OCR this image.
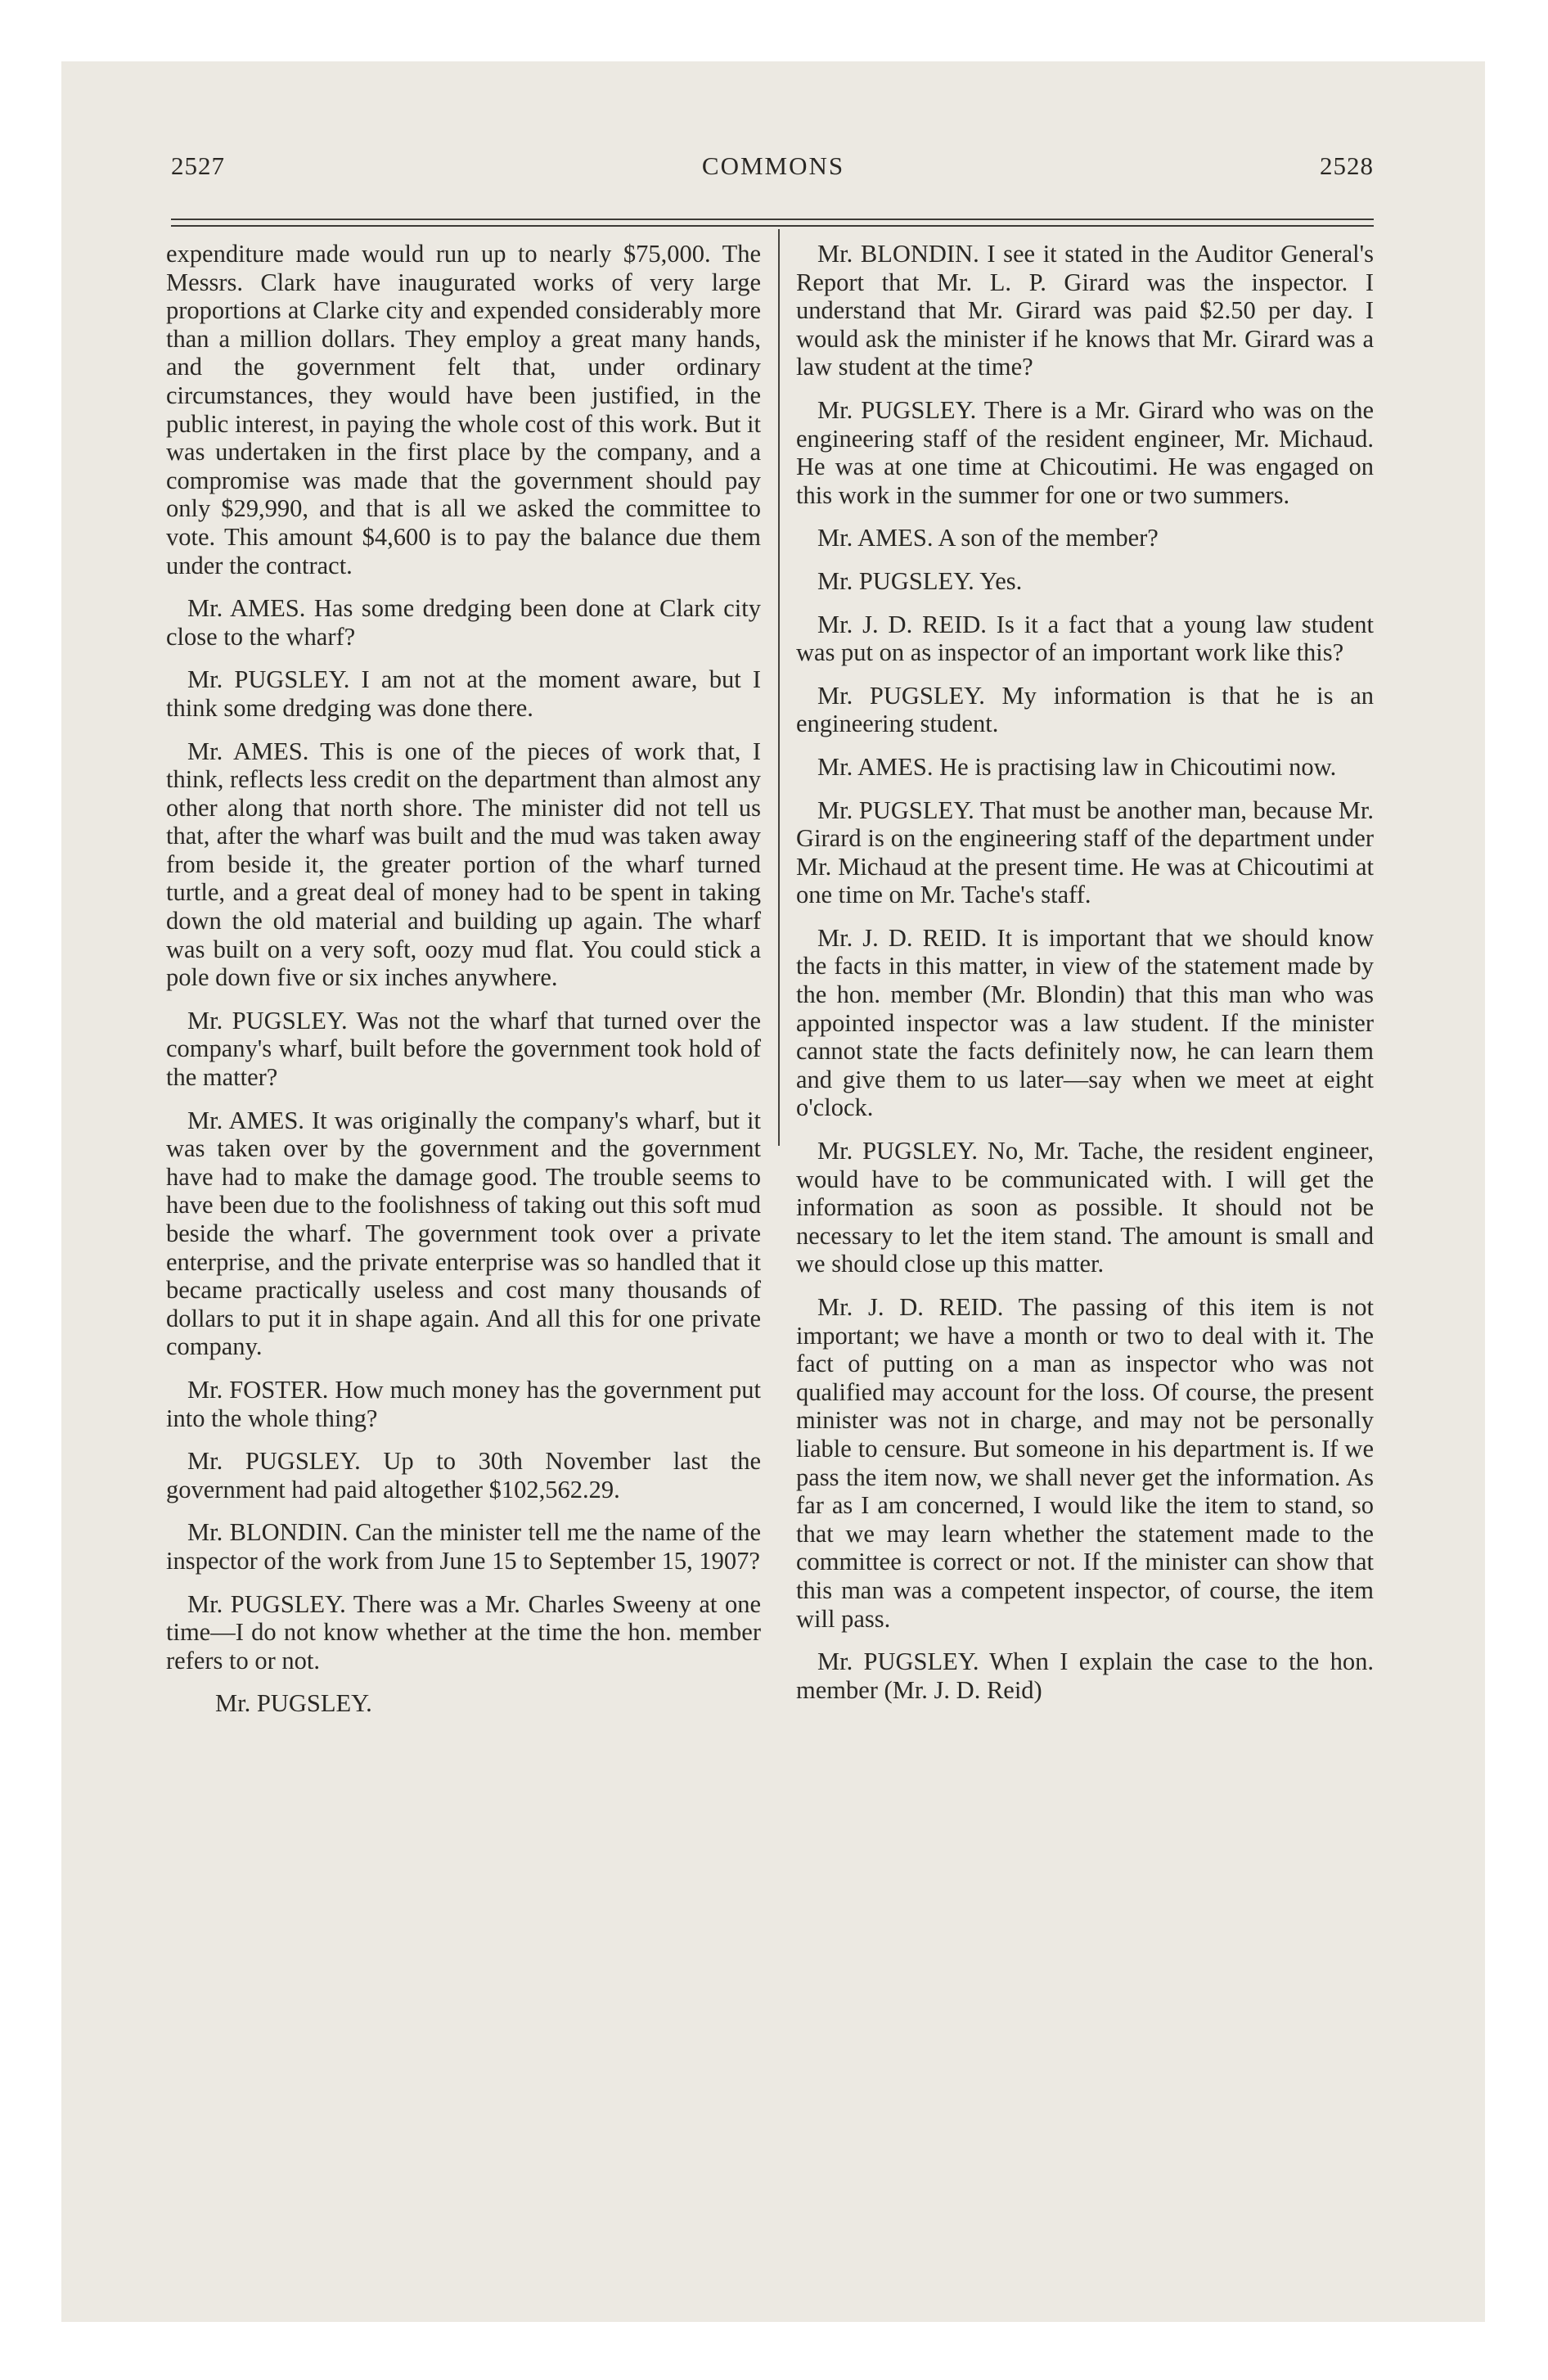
2527	COMMONS	2528

expenditure made would run up to nearly $75,000. The Messrs. Clark have inaugurated works of very large proportions at Clarke city and expended considerably more than a million dollars. They employ a great many hands, and the government felt that, under ordinary circumstances, they would have been justified, in the public interest, in paying the whole cost of this work. But it was undertaken in the first place by the company, and a compromise was made that the government should pay only $29,990, and that is all we asked the committee to vote. This amount $4,600 is to pay the balance due them under the contract.

Mr. AMES. Has some dredging been done at Clark city close to the wharf?

Mr. PUGSLEY. I am not at the moment aware, but I think some dredging was done there.

Mr. AMES. This is one of the pieces of work that, I think, reflects less credit on the department than almost any other along that north shore. The minister did not tell us that, after the wharf was built and the mud was taken away from beside it, the greater portion of the wharf turned turtle, and a great deal of money had to be spent in taking down the old material and building up again. The wharf was built on a very soft, oozy mud flat. You could stick a pole down five or six inches anywhere.

Mr. PUGSLEY. Was not the wharf that turned over the company's wharf, built before the government took hold of the matter?

Mr. AMES. It was originally the company's wharf, but it was taken over by the government and the government have had to make the damage good. The trouble seems to have been due to the foolishness of taking out this soft mud beside the wharf. The government took over a private enterprise, and the private enterprise was so handled that it became practically useless and cost many thousands of dollars to put it in shape again. And all this for one private company.

Mr. FOSTER. How much money has the government put into the whole thing?

Mr. PUGSLEY. Up to 30th November last the government had paid altogether $102,562.29.

Mr. BLONDIN. Can the minister tell me the name of the inspector of the work from June 15 to September 15, 1907?

Mr. PUGSLEY. There was a Mr. Charles Sweeny at one time—I do not know whether at the time the hon. member refers to or not.

Mr. PUGSLEY.

Mr. BLONDIN. I see it stated in the Auditor General's Report that Mr. L. P. Girard was the inspector. I understand that Mr. Girard was paid $2.50 per day. I would ask the minister if he knows that Mr. Girard was a law student at the time?

Mr. PUGSLEY. There is a Mr. Girard who was on the engineering staff of the resident engineer, Mr. Michaud. He was at one time at Chicoutimi. He was engaged on this work in the summer for one or two summers.

Mr. AMES. A son of the member?

Mr. PUGSLEY. Yes.

Mr. J. D. REID. Is it a fact that a young law student was put on as inspector of an important work like this?

Mr. PUGSLEY. My information is that he is an engineering student.

Mr. AMES. He is practising law in Chicoutimi now.

Mr. PUGSLEY. That must be another man, because Mr. Girard is on the engineering staff of the department under Mr. Michaud at the present time. He was at Chicoutimi at one time on Mr. Tache's staff.

Mr. J. D. REID. It is important that we should know the facts in this matter, in view of the statement made by the hon. member (Mr. Blondin) that this man who was appointed inspector was a law student. If the minister cannot state the facts definitely now, he can learn them and give them to us later—say when we meet at eight o'clock.

Mr. PUGSLEY. No, Mr. Tache, the resident engineer, would have to be communicated with. I will get the information as soon as possible. It should not be necessary to let the item stand. The amount is small and we should close up this matter.

Mr. J. D. REID. The passing of this item is not important; we have a month or two to deal with it. The fact of putting on a man as inspector who was not qualified may account for the loss. Of course, the present minister was not in charge, and may not be personally liable to censure. But someone in his department is. If we pass the item now, we shall never get the information. As far as I am concerned, I would like the item to stand, so that we may learn whether the statement made to the committee is correct or not. If the minister can show that this man was a competent inspector, of course, the item will pass.

Mr. PUGSLEY. When I explain the case to the hon. member (Mr. J. D. Reid)
